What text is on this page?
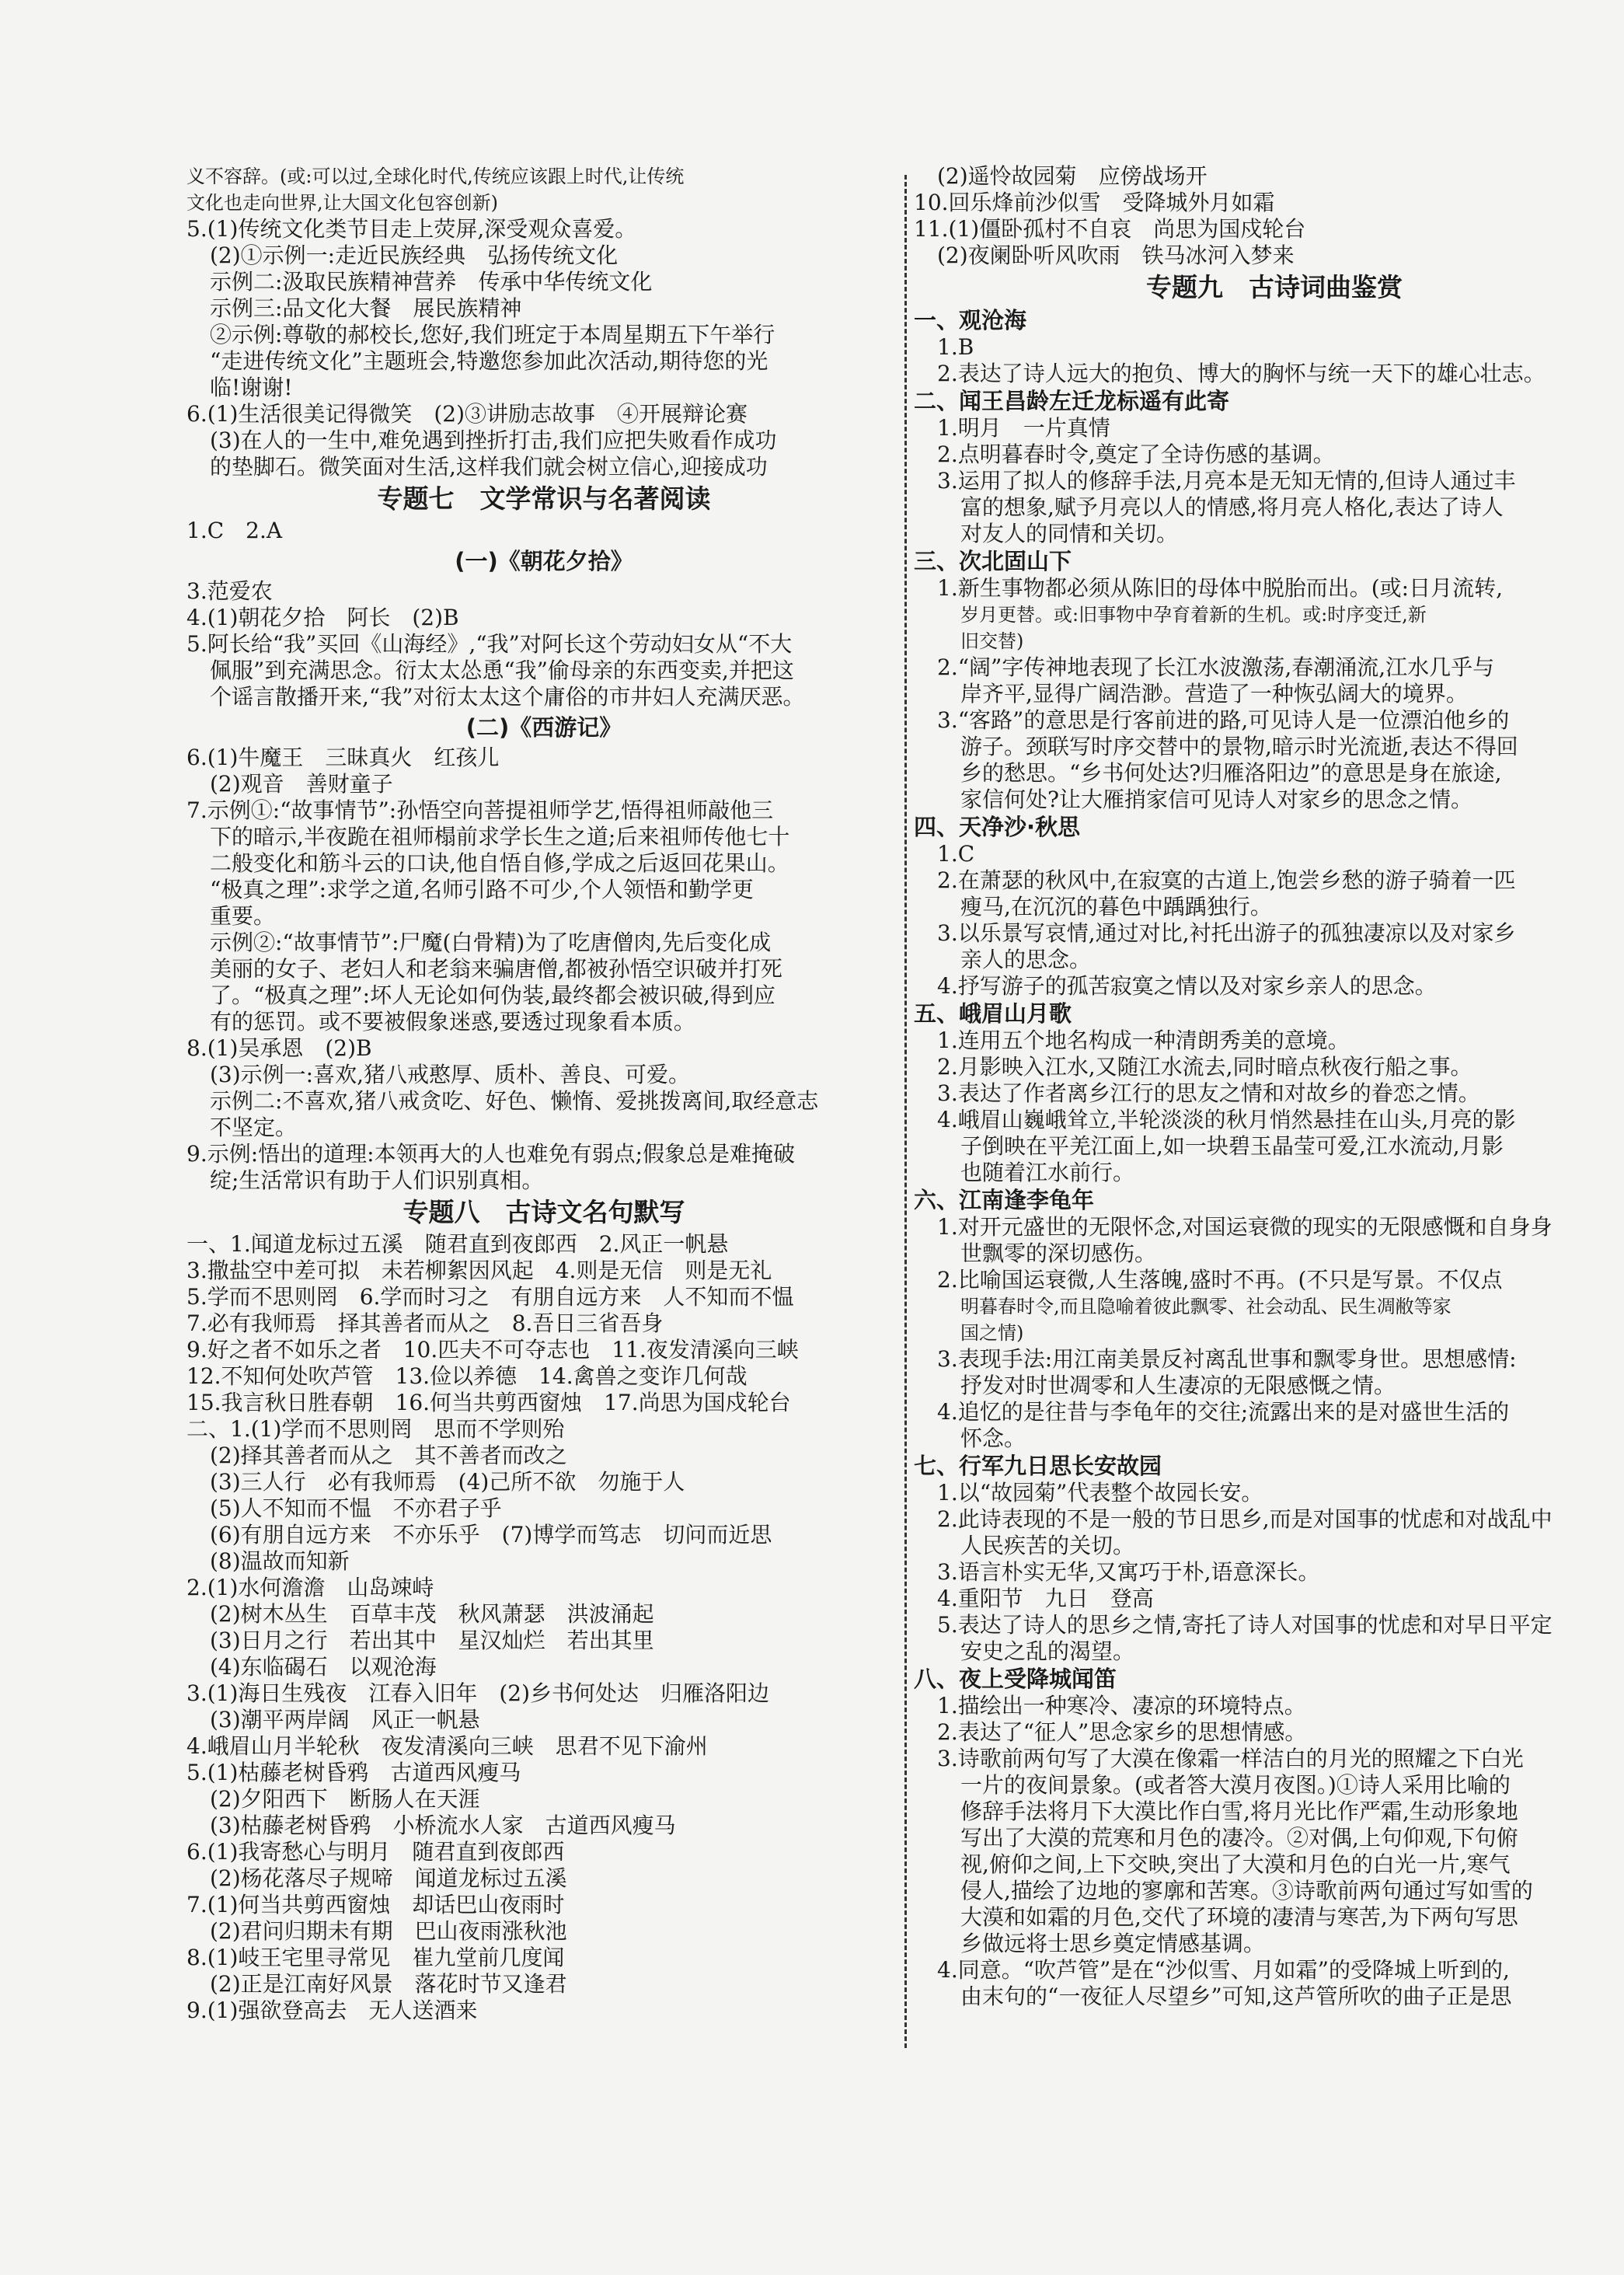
义不容辞。(或:可以过,全球化时代,传统应该跟上时代,让传统
文化也走向世界,让大国文化包容创新)
5.(1)传统文化类节目走上荧屏,深受观众喜爱。
(2)①示例一:走近民族经典　弘扬传统文化
示例二:汲取民族精神营养　传承中华传统文化
示例三:品文化大餐　展民族精神
②示例:尊敬的郝校长,您好,我们班定于本周星期五下午举行
“走进传统文化”主题班会,特邀您参加此次活动,期待您的光
临!谢谢!
6.(1)生活很美记得微笑　(2)③讲励志故事　④开展辩论赛
(3)在人的一生中,难免遇到挫折打击,我们应把失败看作成功
的垫脚石。微笑面对生活,这样我们就会树立信心,迎接成功
专题七　文学常识与名著阅读
1.C　2.A
(一)《朝花夕拾》
3.范爱农
4.(1)朝花夕拾　阿长　(2)B
5.阿长给“我”买回《山海经》,“我”对阿长这个劳动妇女从“不大
佩服”到充满思念。衍太太怂恿“我”偷母亲的东西变卖,并把这
个谣言散播开来,“我”对衍太太这个庸俗的市井妇人充满厌恶。
(二)《西游记》
6.(1)牛魔王　三昧真火　红孩儿
(2)观音　善财童子
7.示例①:“故事情节”:孙悟空向菩提祖师学艺,悟得祖师敲他三
下的暗示,半夜跪在祖师榻前求学长生之道;后来祖师传他七十
二般变化和筋斗云的口诀,他自悟自修,学成之后返回花果山。
“极真之理”:求学之道,名师引路不可少,个人领悟和勤学更
重要。
示例②:“故事情节”:尸魔(白骨精)为了吃唐僧肉,先后变化成
美丽的女子、老妇人和老翁来骗唐僧,都被孙悟空识破并打死
了。“极真之理”:坏人无论如何伪装,最终都会被识破,得到应
有的惩罚。或不要被假象迷惑,要透过现象看本质。
8.(1)吴承恩　(2)B
(3)示例一:喜欢,猪八戒憨厚、质朴、善良、可爱。
示例二:不喜欢,猪八戒贪吃、好色、懒惰、爱挑拨离间,取经意志
不坚定。
9.示例:悟出的道理:本领再大的人也难免有弱点;假象总是难掩破
绽;生活常识有助于人们识别真相。
专题八　古诗文名句默写
一、1.闻道龙标过五溪　随君直到夜郎西　2.风正一帆悬
3.撒盐空中差可拟　未若柳絮因风起　4.则是无信　则是无礼
5.学而不思则罔　6.学而时习之　有朋自远方来　人不知而不愠
7.必有我师焉　择其善者而从之　8.吾日三省吾身
9.好之者不如乐之者　10.匹夫不可夺志也　11.夜发清溪向三峡
12.不知何处吹芦管　13.俭以养德　14.禽兽之变诈几何哉
15.我言秋日胜春朝　16.何当共剪西窗烛　17.尚思为国戍轮台
二、1.(1)学而不思则罔　思而不学则殆
(2)择其善者而从之　其不善者而改之
(3)三人行　必有我师焉　(4)己所不欲　勿施于人
(5)人不知而不愠　不亦君子乎
(6)有朋自远方来　不亦乐乎　(7)博学而笃志　切问而近思
(8)温故而知新
2.(1)水何澹澹　山岛竦峙
(2)树木丛生　百草丰茂　秋风萧瑟　洪波涌起
(3)日月之行　若出其中　星汉灿烂　若出其里
(4)东临碣石　以观沧海
3.(1)海日生残夜　江春入旧年　(2)乡书何处达　归雁洛阳边
(3)潮平两岸阔　风正一帆悬
4.峨眉山月半轮秋　夜发清溪向三峡　思君不见下渝州
5.(1)枯藤老树昏鸦　古道西风瘦马
(2)夕阳西下　断肠人在天涯
(3)枯藤老树昏鸦　小桥流水人家　古道西风瘦马
6.(1)我寄愁心与明月　随君直到夜郎西
(2)杨花落尽子规啼　闻道龙标过五溪
7.(1)何当共剪西窗烛　却话巴山夜雨时
(2)君问归期未有期　巴山夜雨涨秋池
8.(1)岐王宅里寻常见　崔九堂前几度闻
(2)正是江南好风景　落花时节又逢君
9.(1)强欲登高去　无人送酒来
(2)遥怜故园菊　应傍战场开
10.回乐烽前沙似雪　受降城外月如霜
11.(1)僵卧孤村不自哀　尚思为国戍轮台
(2)夜阑卧听风吹雨　铁马冰河入梦来
专题九　古诗词曲鉴赏
一、观沧海
1.B
2.表达了诗人远大的抱负、博大的胸怀与统一天下的雄心壮志。
二、闻王昌龄左迁龙标遥有此寄
1.明月　一片真情
2.点明暮春时令,奠定了全诗伤感的基调。
3.运用了拟人的修辞手法,月亮本是无知无情的,但诗人通过丰
富的想象,赋予月亮以人的情感,将月亮人格化,表达了诗人
对友人的同情和关切。
三、次北固山下
1.新生事物都必须从陈旧的母体中脱胎而出。(或:日月流转,
岁月更替。或:旧事物中孕育着新的生机。或:时序变迁,新
旧交替)
2.“阔”字传神地表现了长江水波激荡,春潮涌流,江水几乎与
岸齐平,显得广阔浩渺。营造了一种恢弘阔大的境界。
3.“客路”的意思是行客前进的路,可见诗人是一位漂泊他乡的
游子。颈联写时序交替中的景物,暗示时光流逝,表达不得回
乡的愁思。“乡书何处达?归雁洛阳边”的意思是身在旅途,
家信何处?让大雁捎家信可见诗人对家乡的思念之情。
四、天净沙·秋思
1.C
2.在萧瑟的秋风中,在寂寞的古道上,饱尝乡愁的游子骑着一匹
瘦马,在沉沉的暮色中踽踽独行。
3.以乐景写哀情,通过对比,衬托出游子的孤独凄凉以及对家乡
亲人的思念。
4.抒写游子的孤苦寂寞之情以及对家乡亲人的思念。
五、峨眉山月歌
1.连用五个地名构成一种清朗秀美的意境。
2.月影映入江水,又随江水流去,同时暗点秋夜行船之事。
3.表达了作者离乡江行的思友之情和对故乡的眷恋之情。
4.峨眉山巍峨耸立,半轮淡淡的秋月悄然悬挂在山头,月亮的影
子倒映在平羌江面上,如一块碧玉晶莹可爱,江水流动,月影
也随着江水前行。
六、江南逢李龟年
1.对开元盛世的无限怀念,对国运衰微的现实的无限感慨和自身身
世飘零的深切感伤。
2.比喻国运衰微,人生落魄,盛时不再。(不只是写景。不仅点
明暮春时令,而且隐喻着彼此飘零、社会动乱、民生凋敝等家
国之情)
3.表现手法:用江南美景反衬离乱世事和飘零身世。思想感情:
抒发对时世凋零和人生凄凉的无限感慨之情。
4.追忆的是往昔与李龟年的交往;流露出来的是对盛世生活的
怀念。
七、行军九日思长安故园
1.以“故园菊”代表整个故园长安。
2.此诗表现的不是一般的节日思乡,而是对国事的忧虑和对战乱中
人民疾苦的关切。
3.语言朴实无华,又寓巧于朴,语意深长。
4.重阳节　九日　登高
5.表达了诗人的思乡之情,寄托了诗人对国事的忧虑和对早日平定
安史之乱的渴望。
八、夜上受降城闻笛
1.描绘出一种寒冷、凄凉的环境特点。
2.表达了“征人”思念家乡的思想情感。
3.诗歌前两句写了大漠在像霜一样洁白的月光的照耀之下白光
一片的夜间景象。(或者答大漠月夜图。)①诗人采用比喻的
修辞手法将月下大漠比作白雪,将月光比作严霜,生动形象地
写出了大漠的荒寒和月色的凄冷。②对偶,上句仰观,下句俯
视,俯仰之间,上下交映,突出了大漠和月色的白光一片,寒气
侵人,描绘了边地的寥廓和苦寒。③诗歌前两句通过写如雪的
大漠和如霜的月色,交代了环境的凄清与寒苦,为下两句写思
乡做远将士思乡奠定情感基调。
4.同意。“吹芦管”是在“沙似雪、月如霜”的受降城上听到的,
由末句的“一夜征人尽望乡”可知,这芦管所吹的曲子正是思
